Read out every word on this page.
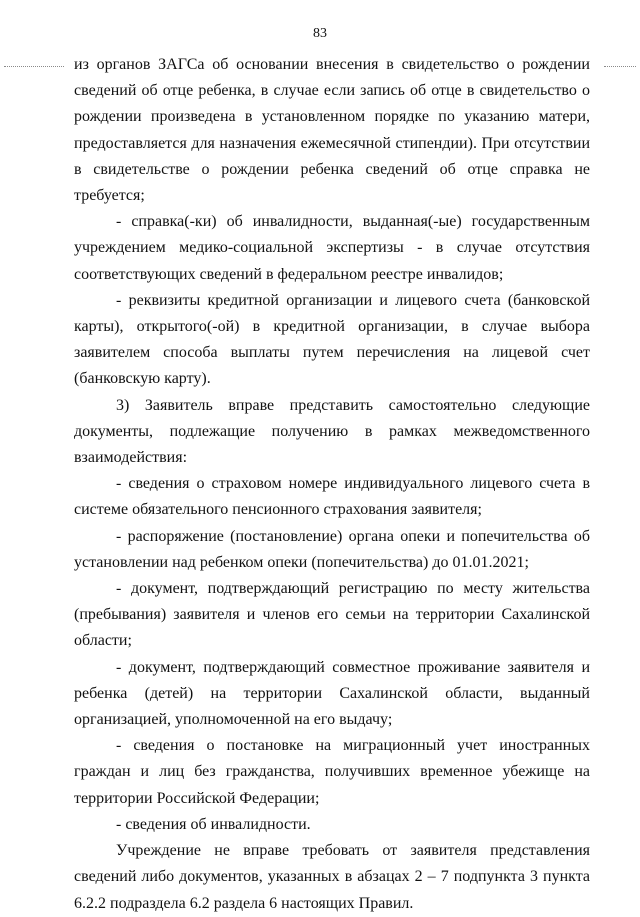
83

из органов ЗАГСа об основании внесения в свидетельство о рождении сведений об отце ребенка, в случае если запись об отце в свидетельство о рождении произведена в установленном порядке по указанию матери, предоставляется для назначения ежемесячной стипендии). При отсутствии в свидетельстве о рождении ребенка сведений об отце справка не требуется;

- справка(-ки) об инвалидности, выданная(-ые) государственным учреждением медико-социальной экспертизы - в случае отсутствия соответствующих сведений в федеральном реестре инвалидов;

- реквизиты кредитной организации и лицевого счета (банковской карты), открытого(-ой) в кредитной организации, в случае выбора заявителем способа выплаты путем перечисления на лицевой счет (банковскую карту).

3) Заявитель вправе представить самостоятельно следующие документы, подлежащие получению в рамках межведомственного взаимодействия:

- сведения о страховом номере индивидуального лицевого счета в системе обязательного пенсионного страхования заявителя;

- распоряжение (постановление) органа опеки и попечительства об установлении над ребенком опеки (попечительства) до 01.01.2021;

- документ, подтверждающий регистрацию по месту жительства (пребывания) заявителя и членов его семьи на территории Сахалинской области;

- документ, подтверждающий совместное проживание заявителя и ребенка (детей) на территории Сахалинской области, выданный организацией, уполномоченной на его выдачу;

- сведения о постановке на миграционный учет иностранных граждан и лиц без гражданства, получивших временное убежище на территории Российской Федерации;

- сведения об инвалидности.

Учреждение не вправе требовать от заявителя представления сведений либо документов, указанных в абзацах 2 – 7 подпункта 3 пункта 6.2.2 подраздела 6.2 раздела 6 настоящих Правил.
